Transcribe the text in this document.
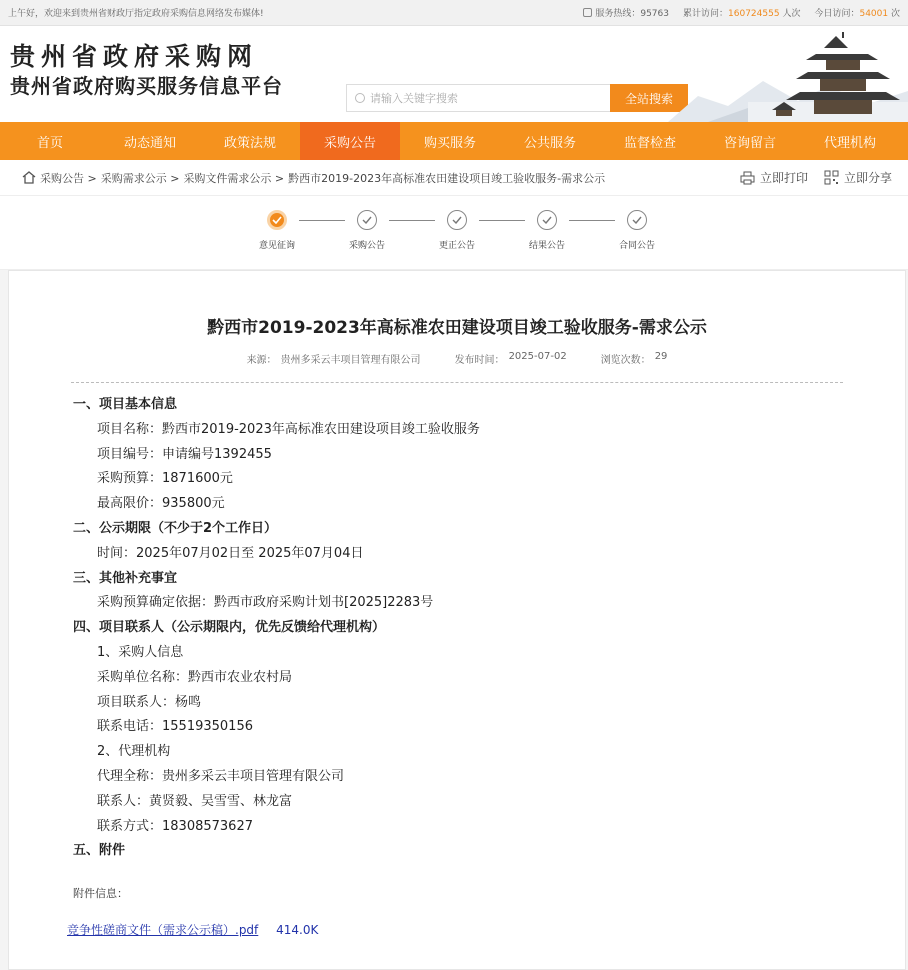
上午好，欢迎来到贵州省财政厅指定政府采购信息网络发布媒体!	服务热线：95763 累计访问：160724555 人次 今日访问：54001 次
贵州省政府采购网
贵州省政府购买服务信息平台
请输入关键字搜索	全站搜索
首页	动态通知	政策法规	采购公告	购买服务	公共服务	监督检查	咨询留言	代理机构
采购公告 > 采购需求公示 > 采购文件需求公示 > 黔西市2019-2023年高标准农田建设项目竣工验收服务-需求公示	立即打印	立即分享
意见征询	采购公告	更正公告	结果公告	合同公告
黔西市2019-2023年高标准农田建设项目竣工验收服务-需求公示
来源： 贵州多采云丰项目管理有限公司	发布时间： 2025-07-02	浏览次数： 29
一、项目基本信息
项目名称：黔西市2019-2023年高标准农田建设项目竣工验收服务
项目编号：申请编号1392455
采购预算：1871600元
最高限价：935800元
二、公示期限（不少于2个工作日）
时间：2025年07月02日至 2025年07月04日
三、其他补充事宜
采购预算确定依据：黔西市政府采购计划书[2025]2283号
四、项目联系人（公示期限内，优先反馈给代理机构）
1、采购人信息
采购单位名称：黔西市农业农村局
项目联系人：杨鸣
联系电话：15519350156
2、代理机构
代理全称：贵州多采云丰项目管理有限公司
联系人：黄贤毅、吴雪雪、林龙富
联系方式：18308573627
五、附件
附件信息：
竞争性磋商文件（需求公示稿）.pdf 414.0K
